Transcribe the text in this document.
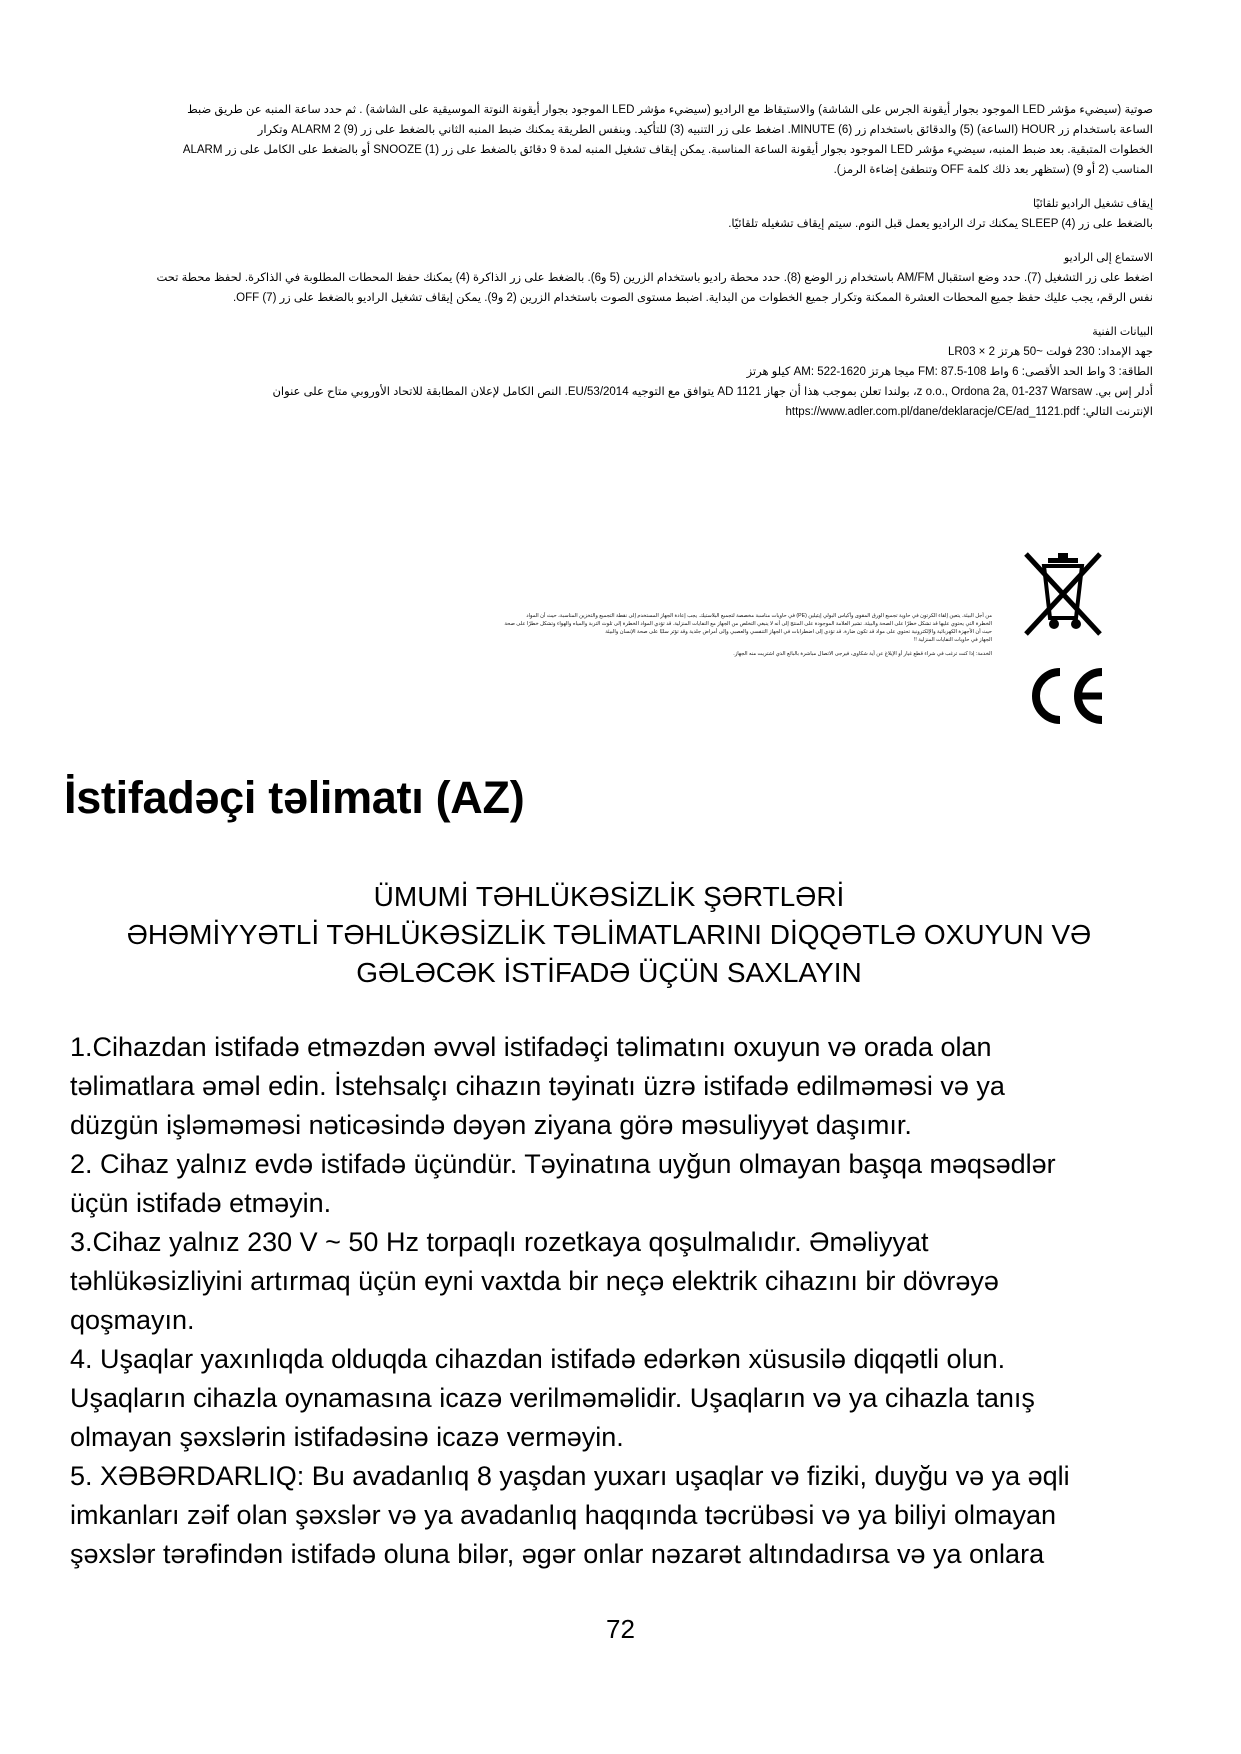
صوتية (سيضيء مؤشر LED الموجود بجوار أيقونة الجرس على الشاشة) والاستيقاظ مع الراديو (سيضيء مؤشر LED الموجود بجوار أيقونة النوتة الموسيقية على الشاشة) . ثم حدد ساعة المنبه عن طريق ضبط
الساعة باستخدام زر HOUR (الساعة) (5) والدقائق باستخدام زر MINUTE (6). اضغط على زر التنبيه (3) للتأكيد. وبنفس الطريقة يمكنك ضبط المنبه الثاني بالضغط على زر ALARM 2 (9) وتكرار
الخطوات المتبقية. بعد ضبط المنبه، سيضيء مؤشر LED الموجود بجوار أيقونة الساعة المناسبة. يمكن إيقاف تشغيل المنبه لمدة 9 دقائق بالضغط على زر SNOOZE (1) أو بالضغط على الكامل على زر ALARM
المناسب (2 أو 9) (ستظهر بعد ذلك كلمة OFF وتنطفئ إضاءة الرمز).
إيقاف تشغيل الراديو تلقائيًا
بالضغط على زر SLEEP (4) يمكنك ترك الراديو يعمل قبل النوم. سيتم إيقاف تشغيله تلقائيًا.
الاستماع إلى الراديو
اضغط على زر التشغيل (7). حدد وضع استقبال AM/FM باستخدام زر الوضع (8). حدد محطة راديو باستخدام الزرين (5 و6). بالضغط على زر الذاكرة (4) يمكنك حفظ المحطات المطلوبة في الذاكرة. لحفظ محطة تحت
نفس الرقم، يجب عليك حفظ جميع المحطات العشرة الممكنة وتكرار جميع الخطوات من البداية. اضبط مستوى الصوت باستخدام الزرين (2 و9). يمكن إيقاف تشغيل الراديو بالضغط على زر OFF (7).
البيانات الفنية
جهد الإمداد: 230 فولت ~50 هرتز 2 × LR03
الطاقة: 3 واط الحد الأقصى: 6 واط FM: 87.5-108 ميجا هرتز AM: 522-1620 كيلو هرتز
أدلر إس بي. z o.o., Ordona 2a, 01-237 Warsaw، بولندا تعلن بموجب هذا أن جهاز AD 1121 يتوافق مع التوجيه EU/53/2014. النص الكامل لإعلان المطابقة للاتحاد الأوروبي متاح على عنوان
الإنترنت التالي: https://www.adler.com.pl/dane/deklaracje/CE/ad_1121.pdf
من أجل البيئة. يتعين إلقاء الكرتون في حاوية تجميع الورق المقوى وأكياس البولي إيثيلين (PE) في حاويات مناسبة مخصصة لتجميع البلاستيك. يجب إعادة الجهاز المستخدم إلى نقطة التجميع والتخزين المناسبة، حيث أن المواد
الخطرة التي يحتوي عليها قد تشكل خطرًا على الصحة والبيئة. تشير العلامة الموجودة على المنتج إلى أنه لا ينبغي التخلص من الجهاز مع النفايات المنزلية. قد تؤدي المواد الخطرة إلى تلوث التربة والمياه والهواء وتشكل خطرًا على صحة
حيث أن الأجهزة الكهربائية والإلكترونية تحتوي على مواد قد تكون ضارة. قد تؤدي إلى اضطرابات في الجهاز التنفسي والعصبي وإلى أمراض جلدية وقد تؤثر سلبًا على صحة الإنسان والبيئة
الجهاز في حاويات النفايات المنزلية !!
الخدمة: إذا كنت ترغب في شراء قطع غيار أو الإبلاغ عن أية شكاوى، فيرجى الاتصال مباشرة بالبائع الذي اشتريت منه الجهاز.
İstifadəçi təlimatı (AZ)
ÜMUMİ TƏHLÜKƏSİZLİK ŞƏRTLƏRİ
ƏHƏMİYYƏTLİ TƏHLÜKƏSİZLİK TƏLİMATLARINI DİQQƏTLƏ OXUYUN VƏ
GƏLƏCƏK İSTİFADƏ ÜÇÜN SAXLAYIN

1.Cihazdan istifadə etməzdən əvvəl istifadəçi təlimatını oxuyun və orada olan
təlimatlara əməl edin. İstehsalçı cihazın təyinatı üzrə istifadə edilməməsi və ya
düzgün işləməməsi nəticəsində dəyən ziyana görə məsuliyyət daşımır.

2. Cihaz yalnız evdə istifadə üçündür. Təyinatına uyğun olmayan başqa məqsədlər
üçün istifadə etməyin.

3.Cihaz yalnız 230 V ~ 50 Hz torpaqlı rozetkaya qoşulmalıdır. Əməliyyat
təhlükəsizliyini artırmaq üçün eyni vaxtda bir neçə elektrik cihazını bir dövrəyə
qoşmayın.

4. Uşaqlar yaxınlıqda olduqda cihazdan istifadə edərkən xüsusilə diqqətli olun.
Uşaqların cihazla oynamasına icazə verilməməlidir. Uşaqların və ya cihazla tanış
olmayan şəxslərin istifadəsinə icazə verməyin.

5. XƏBƏRDARLIQ: Bu avadanlıq 8 yaşdan yuxarı uşaqlar və fiziki, duyğu və ya əqli
imkanları zəif olan şəxslər və ya avadanlıq haqqında təcrübəsi və ya biliyi olmayan
şəxslər tərəfindən istifadə oluna bilər, əgər onlar nəzarət altındadırsa və ya onlara

72
